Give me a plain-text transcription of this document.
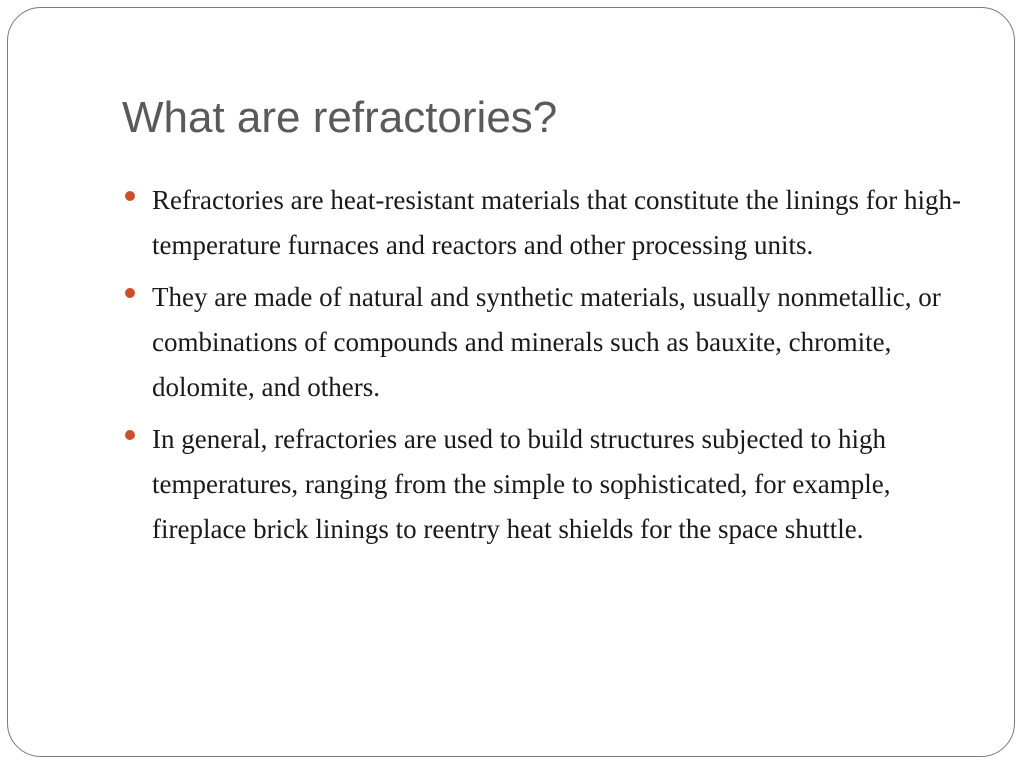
What are refractories?
Refractories are heat-resistant materials that constitute the linings for high-temperature furnaces and reactors and other processing units.
They are made of natural and synthetic materials, usually nonmetallic, or combinations of compounds and minerals such as bauxite, chromite, dolomite, and others.
In general, refractories are used to build structures subjected to high temperatures, ranging from the simple to sophisticated, for example, fireplace brick linings to reentry heat shields for the space shuttle.
